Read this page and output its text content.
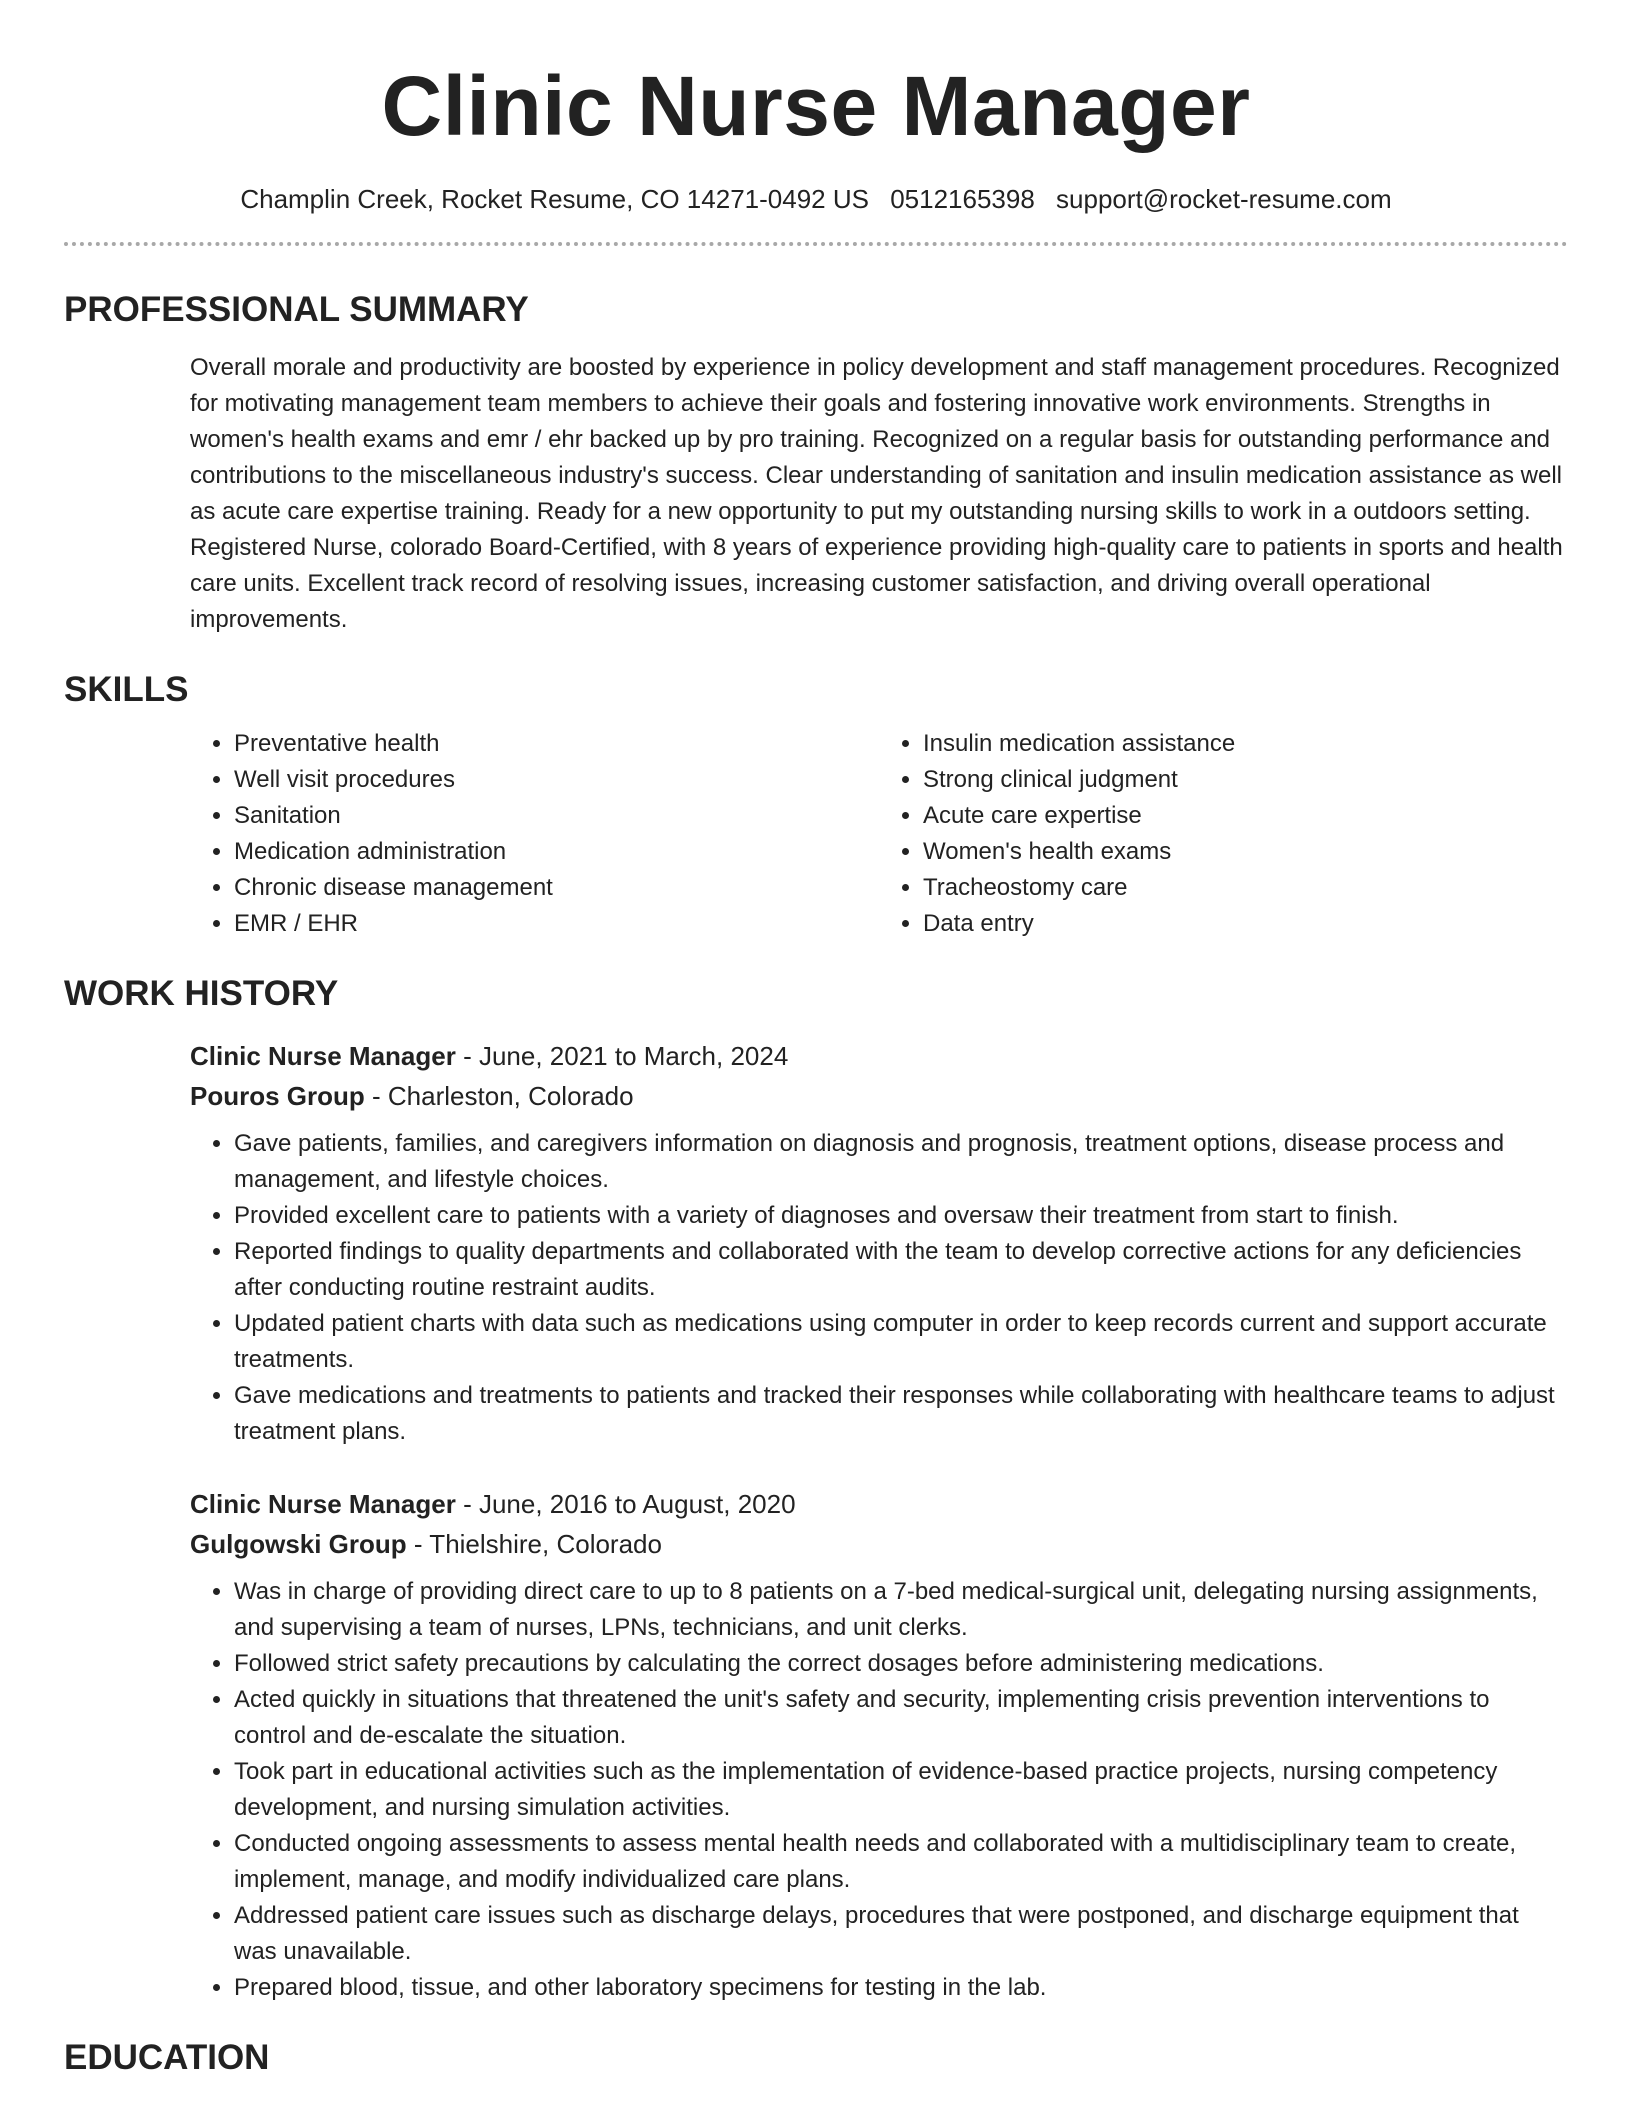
Clinic Nurse Manager
Champlin Creek, Rocket Resume, CO 14271-0492 US 0512165398 support@rocket-resume.com
PROFESSIONAL SUMMARY

Overall morale and productivity are boosted by experience in policy development and staff management procedures. Recognized for motivating management team members to achieve their goals and fostering innovative work environments. Strengths in women's health exams and emr / ehr backed up by pro training. Recognized on a regular basis for outstanding performance and contributions to the miscellaneous industry's success. Clear understanding of sanitation and insulin medication assistance as well as acute care expertise training. Ready for a new opportunity to put my outstanding nursing skills to work in a outdoors setting. Registered Nurse, colorado Board-Certified, with 8 years of experience providing high-quality care to patients in sports and health care units. Excellent track record of resolving issues, increasing customer satisfaction, and driving overall operational improvements.

SKILLS
• Preventative health
• Well visit procedures
• Sanitation
• Medication administration
• Chronic disease management
• EMR / EHR
• Insulin medication assistance
• Strong clinical judgment
• Acute care expertise
• Women's health exams
• Tracheostomy care
• Data entry
WORK HISTORY
Clinic Nurse Manager - June, 2021 to March, 2024
Pouros Group - Charleston, Colorado
• Gave patients, families, and caregivers information on diagnosis and prognosis, treatment options, disease process and management, and lifestyle choices.
• Provided excellent care to patients with a variety of diagnoses and oversaw their treatment from start to finish.
• Reported findings to quality departments and collaborated with the team to develop corrective actions for any deficiencies after conducting routine restraint audits.
• Updated patient charts with data such as medications using computer in order to keep records current and support accurate treatments.
• Gave medications and treatments to patients and tracked their responses while collaborating with healthcare teams to adjust treatment plans.
Clinic Nurse Manager - June, 2016 to August, 2020
Gulgowski Group - Thielshire, Colorado
• Was in charge of providing direct care to up to 8 patients on a 7-bed medical-surgical unit, delegating nursing assignments, and supervising a team of nurses, LPNs, technicians, and unit clerks.
• Followed strict safety precautions by calculating the correct dosages before administering medications.
• Acted quickly in situations that threatened the unit's safety and security, implementing crisis prevention interventions to control and de-escalate the situation.
• Took part in educational activities such as the implementation of evidence-based practice projects, nursing competency development, and nursing simulation activities.
• Conducted ongoing assessments to assess mental health needs and collaborated with a multidisciplinary team to create, implement, manage, and modify individualized care plans.
• Addressed patient care issues such as discharge delays, procedures that were postponed, and discharge equipment that was unavailable.
• Prepared blood, tissue, and other laboratory specimens for testing in the lab.
EDUCATION
